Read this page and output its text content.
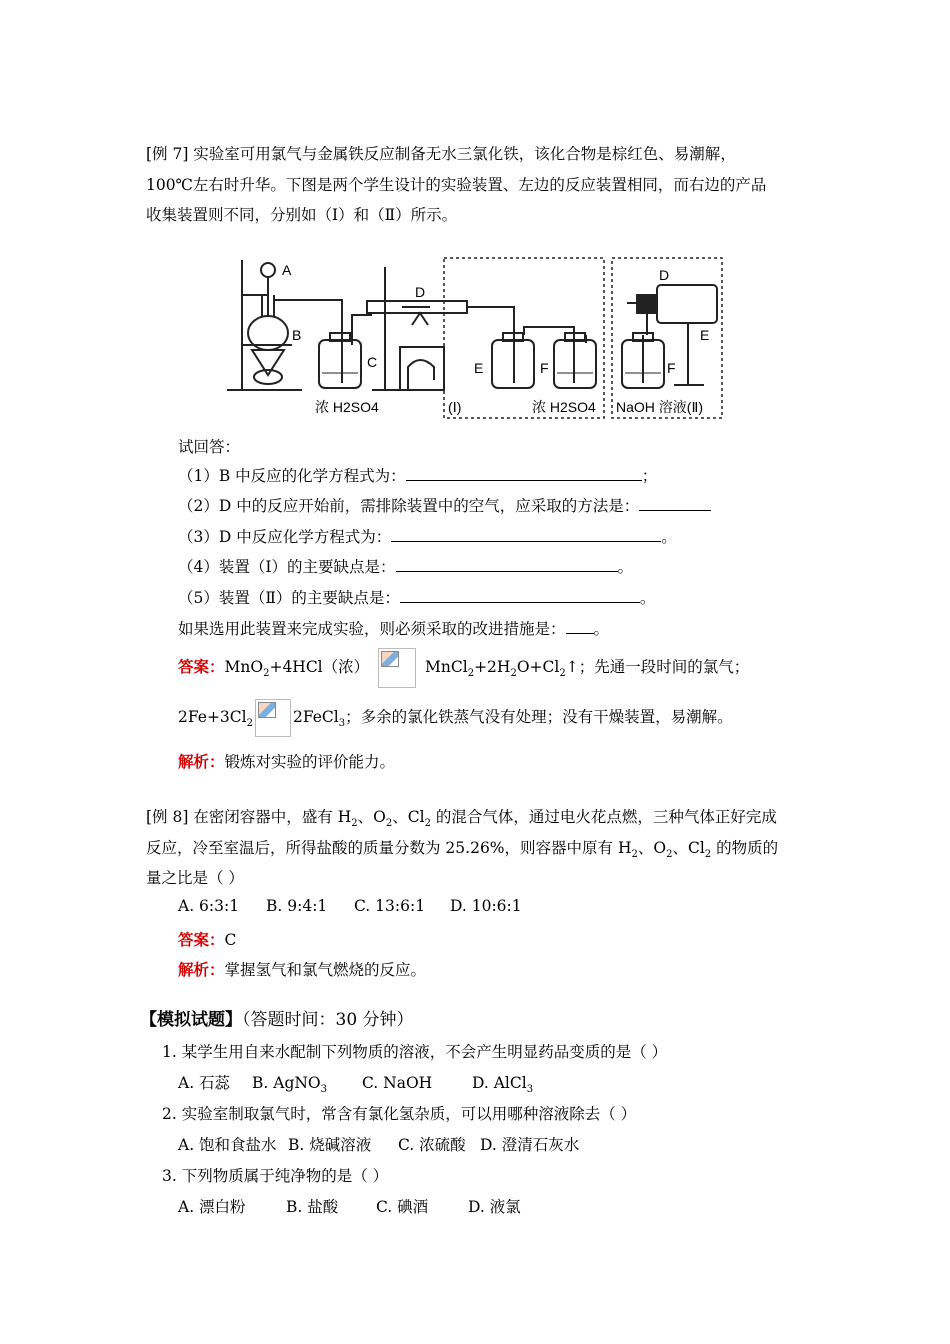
[例 7] 实验室可用氯气与金属铁反应制备无水三氯化铁，该化合物是棕红色、易潮解，
100℃左右时升华。下图是两个学生设计的实验装置、左边的反应装置相同，而右边的产品
收集装置则不同，分别如（Ⅰ）和（Ⅱ）所示。
A
B
C
D
E	F
D
E
F
浓 H2SO4	(Ⅰ)	浓 H2SO4 NaOH 溶液(Ⅱ)
试回答：
（1）B 中反应的化学方程式为：	；
（2）D 中的反应开始前，需排除装置中的空气，应采取的方法是：
（3）D 中反应化学方程式为：	。
（4）装置（Ⅰ）的主要缺点是：	。
（5）装置（Ⅱ）的主要缺点是：	。
如果选用此装置来完成实验，则必须采取的改进措施是： 。
答案：MnO$_2$+4HCl（浓）	$MnCl_2+2H_2O+Cl_2↑$；先通一段时间的氯气；
$2Fe+3Cl_2$	2FeCl$_3$；多余的氯化铁蒸气没有处理；没有干燥装置，易潮解。
解析：锻炼对实验的评价能力。
[例 8] 在密闭容器中，盛有 $H_2$、$O_2$、$Cl_2$ 的混合气体，通过电火花点燃，三种气体正好完成
反应，冷至室温后，所得盐酸的质量分数为 25.26%，则容器中原有 $H_2$、$O_2$、$Cl_2$ 的物质的
量之比是（ ）
A. 6:3:1 B. 9:4:1 C. 13:6:1 D. 10:6:1
答案：C
解析：掌握氢气和氯气燃烧的反应。
【模拟试题】（答题时间：30 分钟）
1. 某学生用自来水配制下列物质的溶液，不会产生明显药品变质的是（ ）
A. 石蕊 B. AgNO$_3$ C. NaOH	D. AlCl$_3$
2. 实验室制取氯气时，常含有氯化氢杂质，可以用哪种溶液除去（ ）
A. 饱和食盐水 B. 烧碱溶液 C. 浓硫酸 D. 澄清石灰水
3. 下列物质属于纯净物的是（ ）
A. 漂白粉	B. 盐酸 C. 碘酒	D. 液氯
